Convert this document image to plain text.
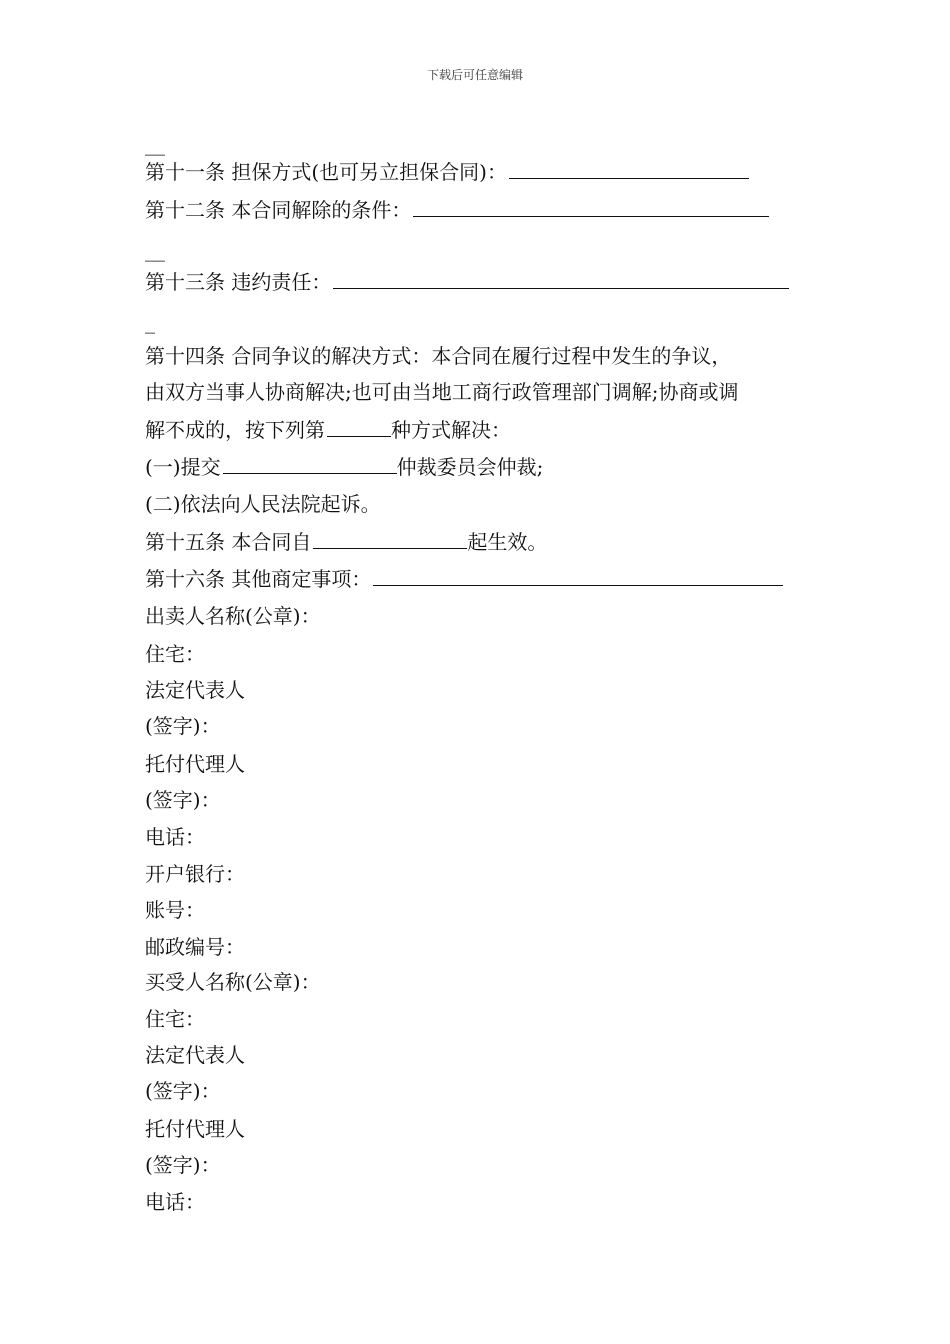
下载后可任意编辑
__
第十一条 担保方式(也可另立担保合同)：
第十二条 本合同解除的条件：
__
第十三条 违约责任：
_
第十四条 合同争议的解决方式：本合同在履行过程中发生的争议，
由双方当事人协商解决;也可由当地工商行政管理部门调解;协商或调
解不成的，按下列第	种方式解决：
(一)提交	仲裁委员会仲裁;
(二)依法向人民法院起诉。
第十五条 本合同自	起生效。
第十六条 其他商定事项：
出卖人名称(公章)：
住宅：
法定代表人
(签字)：
托付代理人
(签字)：
电话：
开户银行：
账号：
邮政编号：
买受人名称(公章)：
住宅：
法定代表人
(签字)：
托付代理人
(签字)：
电话：
